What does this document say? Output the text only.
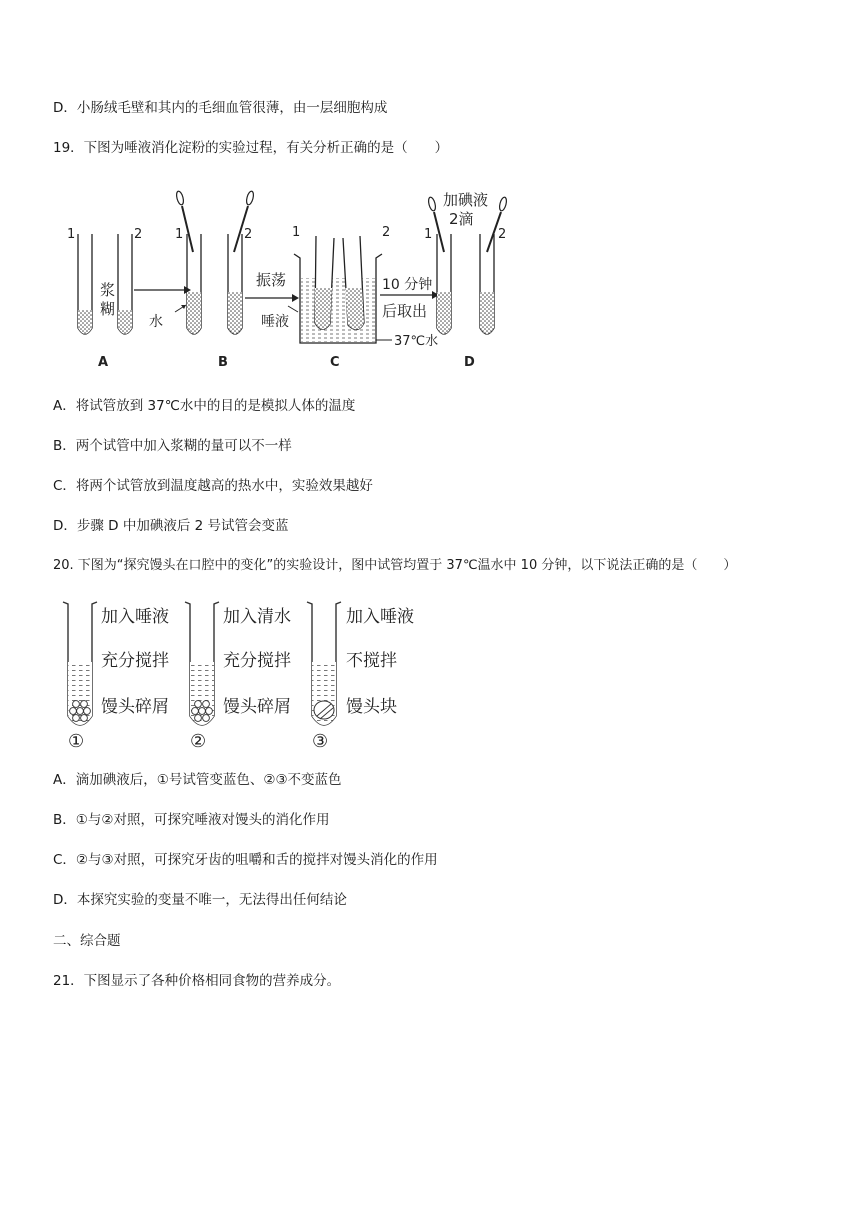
D．小肠绒毛壁和其内的毛细血管很薄，由一层细胞构成
19．下图为唾液消化淀粉的实验过程，有关分析正确的是（　　）
1	2
浆
糊
A
1	2
水
B
振荡
唾液
1	2
37℃水
C
10 分钟
后取出
1	2
加碘液
2滴
D
A．将试管放到 37℃水中的目的是模拟人体的温度
B．两个试管中加入浆糊的量可以不一样
C．将两个试管放到温度越高的热水中，实验效果越好
D．步骤 D 中加碘液后 2 号试管会变蓝
20. 下图为“探究馒头在口腔中的变化”的实验设计，图中试管均置于 37℃温水中 10 分钟，以下说法正确的是（　　）
加入唾液
充分搅拌
馒头碎屑
①
加入清水
充分搅拌
馒头碎屑
②
加入唾液
不搅拌
馒头块
③
A．滴加碘液后，①号试管变蓝色、②③不变蓝色
B．①与②对照，可探究唾液对馒头的消化作用
C．②与③对照，可探究牙齿的咀嚼和舌的搅拌对馒头消化的作用
D．本探究实验的变量不唯一，无法得出任何结论
二、综合题
21．下图显示了各种价格相同食物的营养成分。
